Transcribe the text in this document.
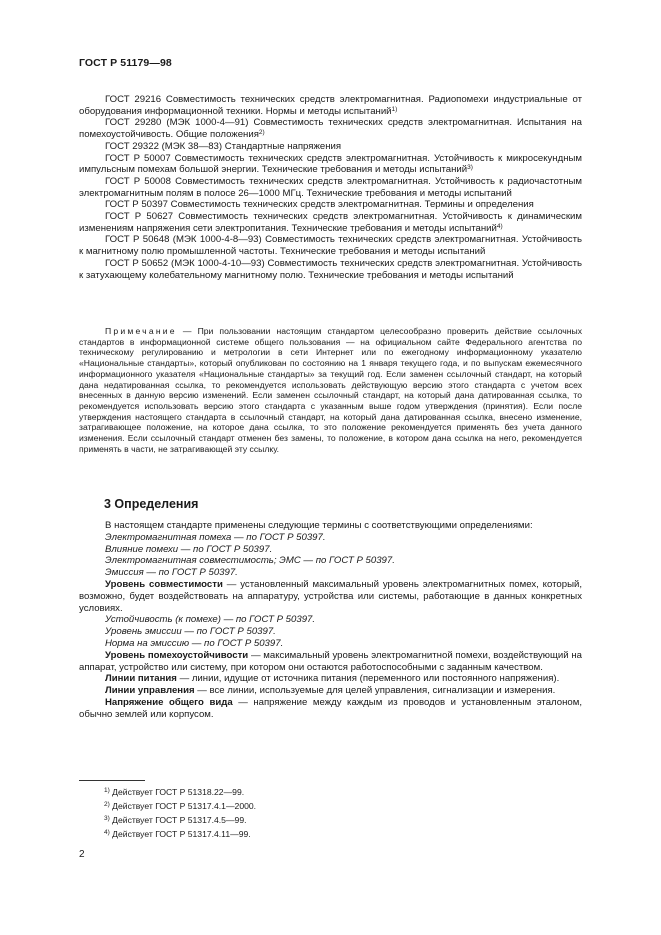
ГОСТ Р 51179—98

ГОСТ 29216 Совместимость технических средств электромагнитная. Радиопомехи индустриальные от оборудования информационной техники. Нормы и методы испытаний$^{1)}$

ГОСТ 29280 (МЭК 1000-4—91) Совместимость технических средств электромагнитная. Испытания на помехоустойчивость. Общие положения$^{2)}$

ГОСТ 29322 (МЭК 38—83) Стандартные напряжения

ГОСТ Р 50007 Совместимость технических средств электромагнитная. Устойчивость к микросекундным импульсным помехам большой энергии. Технические требования и методы испытаний$^{3)}$

ГОСТ Р 50008 Совместимость технических средств электромагнитная. Устойчивость к радиочастотным электромагнитным полям в полосе 26—1000 МГц. Технические требования и методы испытаний

ГОСТ Р 50397 Совместимость технических средств электромагнитная. Термины и определения

ГОСТ Р 50627 Совместимость технических средств электромагнитная. Устойчивость к динамическим изменениям напряжения сети электропитания. Технические требования и методы испытаний$^{4)}$

ГОСТ Р 50648 (МЭК 1000-4-8—93) Совместимость технических средств электромагнитная. Устойчивость к магнитному полю промышленной частоты. Технические требования и методы испытаний

ГОСТ Р 50652 (МЭК 1000-4-10—93) Совместимость технических средств электромагнитная. Устойчивость к затухающему колебательному магнитному полю. Технические требования и методы испытаний

Примечание — При пользовании настоящим стандартом целесообразно проверить действие ссылочных стандартов в информационной системе общего пользования — на официальном сайте Федерального агентства по техническому регулированию и метрологии в сети Интернет или по ежегодному информационному указателю «Национальные стандарты», который опубликован по состоянию на 1 января текущего года, и по выпускам ежемесячного информационного указателя «Национальные стандарты» за текущий год. Если заменен ссылочный стандарт, на который дана недатированная ссылка, то рекомендуется использовать действующую версию этого стандарта с учетом всех внесенных в данную версию изменений. Если заменен ссылочный стандарт, на который дана датированная ссылка, то рекомендуется использовать версию этого стандарта с указанным выше годом утверждения (принятия). Если после утверждения настоящего стандарта в ссылочный стандарт, на который дана датированная ссылка, внесено изменение, затрагивающее положение, на которое дана ссылка, то это положение рекомендуется применять без учета данного изменения. Если ссылочный стандарт отменен без замены, то положение, в котором дана ссылка на него, рекомендуется применять в части, не затрагивающей эту ссылку.

3 Определения

В настоящем стандарте применены следующие термины с соответствующими определениями:

Электромагнитная помеха — по ГОСТ Р 50397.

Влияние помехи — по ГОСТ Р 50397.

Электромагнитная совместимость; ЭМС — по ГОСТ Р 50397.

Эмиссия — по ГОСТ Р 50397.

Уровень совместимости — установленный максимальный уровень электромагнитных помех, который, возможно, будет воздействовать на аппаратуру, устройства или системы, работающие в данных конкретных условиях.

Устойчивость (к помехе) — по ГОСТ Р 50397.

Уровень эмиссии — по ГОСТ Р 50397.

Норма на эмиссию — по ГОСТ Р 50397.

Уровень помехоустойчивости — максимальный уровень электромагнитной помехи, воздействующий на аппарат, устройство или систему, при котором они остаются работоспособными с заданным качеством.

Линии питания — линии, идущие от источника питания (переменного или постоянного напряжения).

Линии управления — все линии, используемые для целей управления, сигнализации и измерения.

Напряжение общего вида — напряжение между каждым из проводов и установленным эталоном, обычно землей или корпусом.

$^{1)}$ Действует ГОСТ Р 51318.22—99.
$^{2)}$ Действует ГОСТ Р 51317.4.1—2000.
$^{3)}$ Действует ГОСТ Р 51317.4.5—99.
$^{4)}$ Действует ГОСТ Р 51317.4.11—99.
2
